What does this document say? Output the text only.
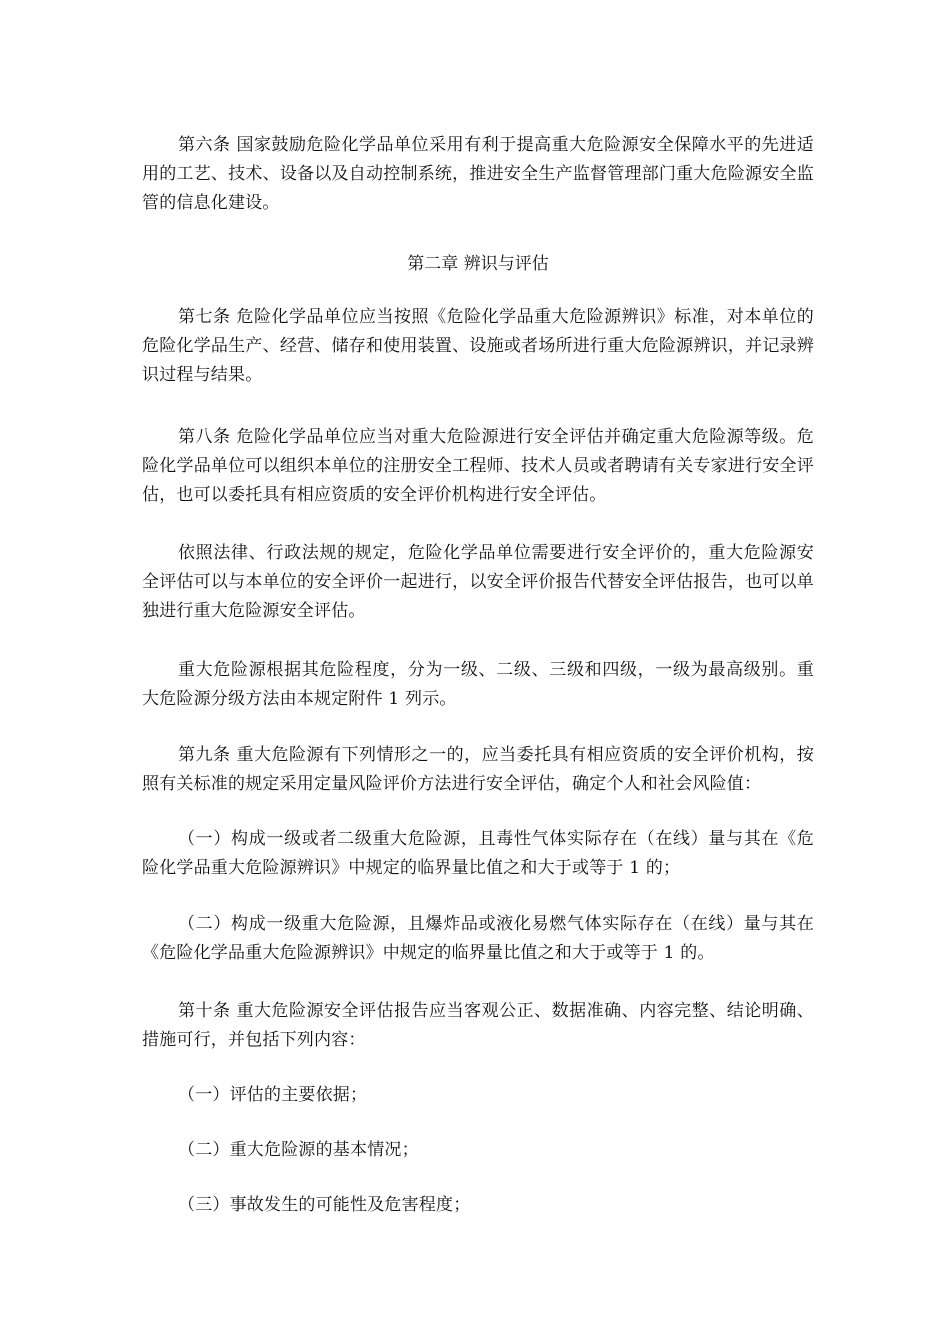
第六条 国家鼓励危险化学品单位采用有利于提高重大危险源安全保障水平的先进适用的工艺、技术、设备以及自动控制系统，推进安全生产监督管理部门重大危险源安全监管的信息化建设。

第二章 辨识与评估

第七条 危险化学品单位应当按照《危险化学品重大危险源辨识》标准，对本单位的危险化学品生产、经营、储存和使用装置、设施或者场所进行重大危险源辨识，并记录辨识过程与结果。

第八条 危险化学品单位应当对重大危险源进行安全评估并确定重大危险源等级。危险化学品单位可以组织本单位的注册安全工程师、技术人员或者聘请有关专家进行安全评估，也可以委托具有相应资质的安全评价机构进行安全评估。

依照法律、行政法规的规定，危险化学品单位需要进行安全评价的，重大危险源安全评估可以与本单位的安全评价一起进行，以安全评价报告代替安全评估报告，也可以单独进行重大危险源安全评估。

重大危险源根据其危险程度，分为一级、二级、三级和四级，一级为最高级别。重大危险源分级方法由本规定附件 1 列示。

第九条 重大危险源有下列情形之一的，应当委托具有相应资质的安全评价机构，按照有关标准的规定采用定量风险评价方法进行安全评估，确定个人和社会风险值：

（一）构成一级或者二级重大危险源，且毒性气体实际存在（在线）量与其在《危险化学品重大危险源辨识》中规定的临界量比值之和大于或等于 1 的；

（二）构成一级重大危险源，且爆炸品或液化易燃气体实际存在（在线）量与其在《危险化学品重大危险源辨识》中规定的临界量比值之和大于或等于 1 的。

第十条 重大危险源安全评估报告应当客观公正、数据准确、内容完整、结论明确、措施可行，并包括下列内容：

（一）评估的主要依据；

（二）重大危险源的基本情况；

（三）事故发生的可能性及危害程度；
